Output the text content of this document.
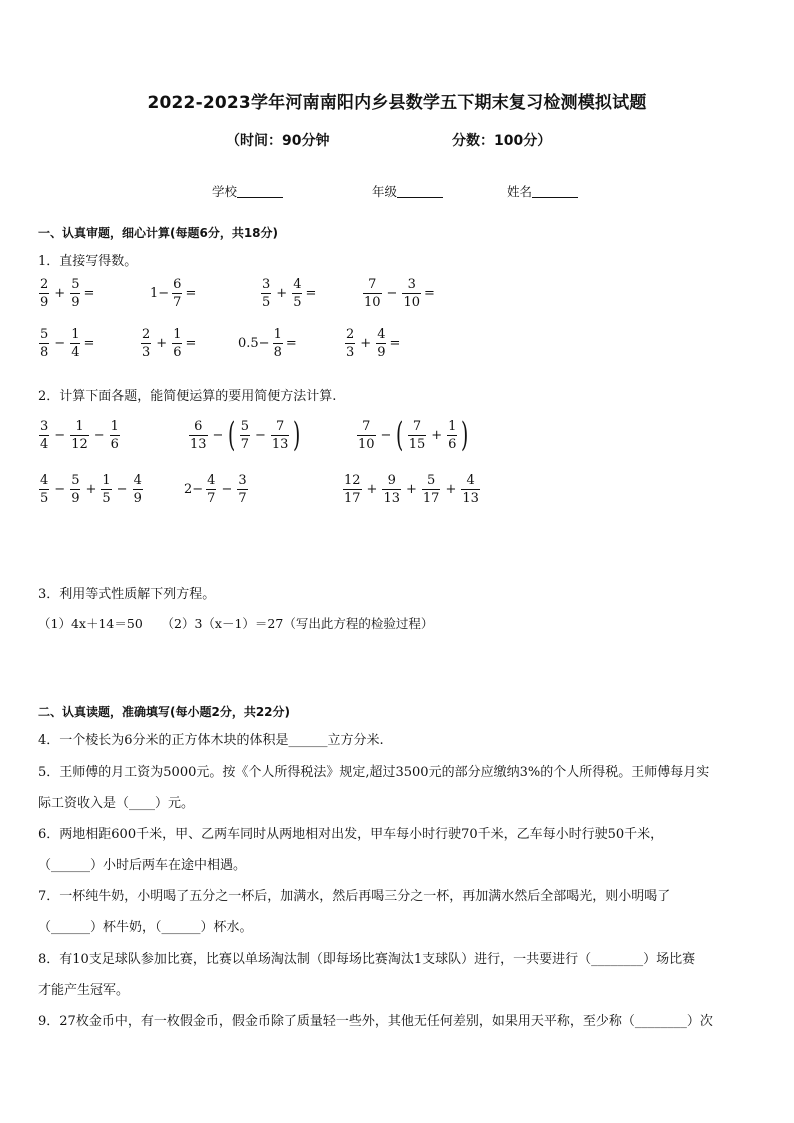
2022-2023学年河南南阳内乡县数学五下期末复习检测模拟试题
（时间：90分钟	分数：100分）
学校	年级	姓名
一、认真审题，细心计算(每题6分，共18分)
1．直接写得数。
$\frac{2}{9} + \frac{5}{9}$ =	$1- \frac{6}{7}$ =	$\frac{3}{5} + \frac{4}{5}$ =	$\frac{7}{10} - \frac{3}{10}$ =
$\frac{5}{8} - \frac{1}{4}$ =	$\frac{2}{3} + \frac{1}{6}$ =	$0.5- \frac{1}{8}$ =	$\frac{2}{3} + \frac{4}{9}$ =
2．计算下面各题，能简便运算的要用简便方法计算.
$\frac{3}{4} - \frac{1}{12} - \frac{1}{6}$	$\frac{6}{13}$ − ( $\frac{5}{7} - \frac{7}{13}$ )	$\frac{7}{10}$ − ( $\frac{7}{15} + \frac{1}{6}$ )
$\frac{4}{5} - \frac{5}{9} + \frac{1}{5} - \frac{4}{9}$	$2- \frac{4}{7} - \frac{3}{7}$	$\frac{12}{17} + \frac{9}{13} + \frac{5}{17} + \frac{4}{13}$
3．利用等式性质解下列方程。
（1）4x＋14＝50　　（2）3（x－1）＝27（写出此方程的检验过程）
二、认真读题，准确填写(每小题2分，共22分)
4．一个棱长为6分米的正方体木块的体积是______立方分米.
5．王师傅的月工资为5000元。按《个人所得税法》规定,超过3500元的部分应缴纳3%的个人所得税。王师傅每月实
际工资收入是（____）元。
6．两地相距600千米，甲、乙两车同时从两地相对出发，甲车每小时行驶70千米，乙车每小时行驶50千米，
（______）小时后两车在途中相遇。
7．一杯纯牛奶，小明喝了五分之一杯后，加满水，然后再喝三分之一杯，再加满水然后全部喝光，则小明喝了
（______）杯牛奶，（______）杯水。
8．有10支足球队参加比赛，比赛以单场淘汰制（即每场比赛淘汰1支球队）进行，一共要进行（________）场比赛
才能产生冠军。
9．27枚金币中，有一枚假金币，假金币除了质量轻一些外，其他无任何差别，如果用天平称，至少称（________）次
